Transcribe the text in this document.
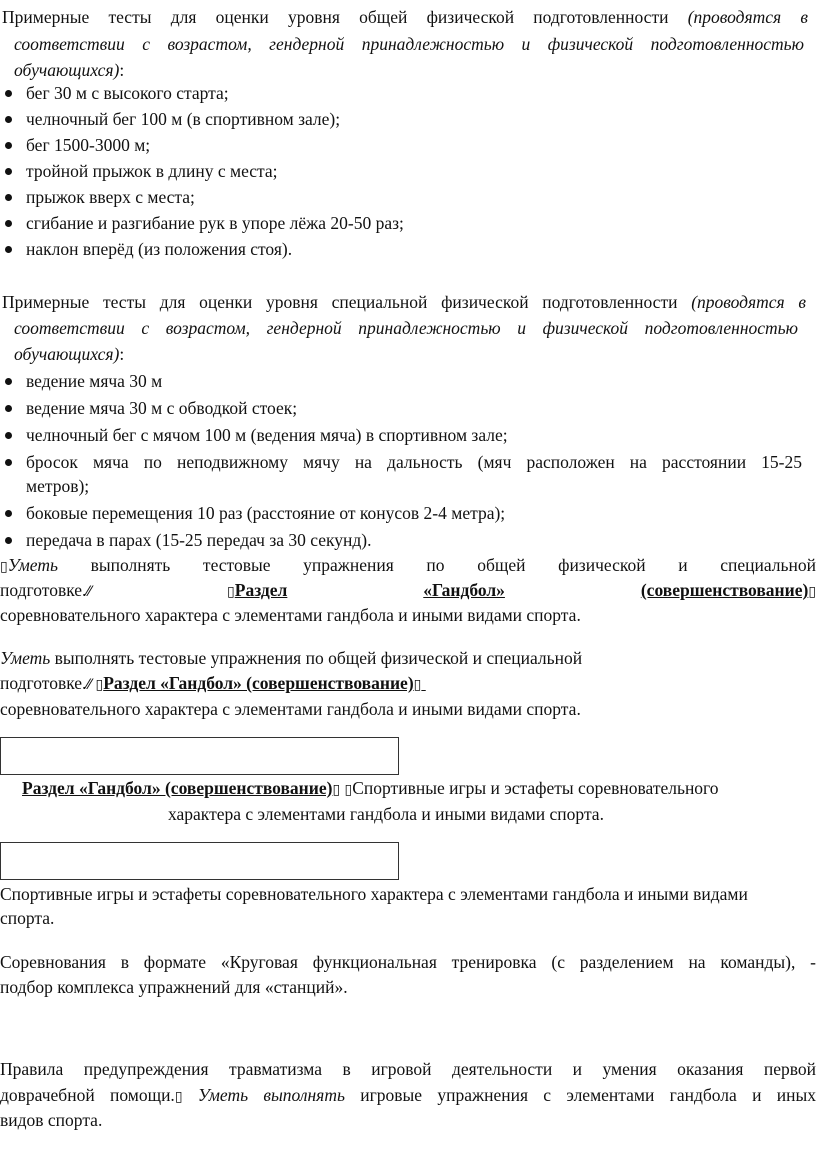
Примерные тесты для оценки уровня общей физической подготовленности (проводятся в
соответствии с возрастом, гендерной принадлежностью и физической подготовленностью
обучающихся):
бег 30 м с высокого старта;
челночный бег 100 м (в спортивном зале);
бег 1500-3000 м;
тройной прыжок в длину с места;
прыжок вверх с места;
сгибание и разгибание рук в упоре лёжа 20-50 раз;
наклон вперёд (из положения стоя).
Примерные тесты для оценки уровня специальной физической подготовленности (проводятся в
соответствии с возрастом, гендерной принадлежностью и физической подготовленностью
обучающихся):
ведение мяча 30 м
ведение мяча 30 м с обводкой стоек;
челночный бег с мячом 100 м (ведения мяча) в спортивном зале;
бросок мяча по неподвижному мячу на дальность (мяч расположен на расстоянии 15-25
метров);
боковые перемещения 10 раз (расстояние от конусов 2-4 метра);
передача в парах (15-25 передач за 30 секунд).
▯Уметь выполнять тестовые упражнения по общей физической и специальной
подготовке.⁄⁄	▯Раздел	«Гандбол»	(совершенствование)▯
соревновательного характера с элементами гандбола и иными видами спорта.
Уметь выполнять тестовые упражнения по общей физической и специальной
подготовке.⁄⁄ ▯Раздел «Гандбол» (совершенствование)▯
соревновательного характера с элементами гандбола и иными видами спорта.
Раздел «Гандбол» (совершенствование)▯ ▯Спортивные игры и эстафеты соревновательного
характера с элементами гандбола и иными видами спорта.
Спортивные игры и эстафеты соревновательного характера с элементами гандбола и иными видами
спорта.
Соревнования в формате «Круговая функциональная тренировка (с разделением на команды), -
подбор комплекса упражнений для «станций».
Правила предупреждения травматизма в игровой деятельности и умения оказания первой
доврачебной помощи.▯ Уметь выполнять игровые упражнения с элементами гандбола и иных
видов спорта.
